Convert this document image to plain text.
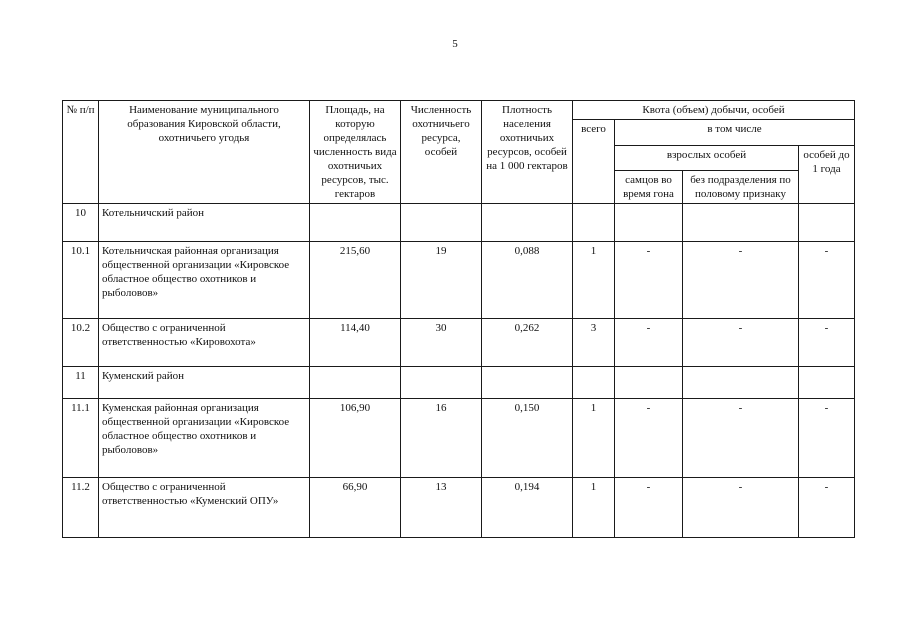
5
№ п/п	Наименование муниципального образования Кировской области, охотничьего угодья	Площадь, на которую определялась численность вида охотничьих ресурсов, тыс. гектаров	Численность охотничьего ресурса, особей	Плотность населения охотничьих ресурсов, особей на 1 000 гектаров	Квота (объем) добычи, особей			
					всего	в том числе		
						взрослых особей		особей до 1 года
						самцов во время гона	без подразделения по половому признаку	
10	Котельничский район							
10.1	Котельничская районная организация общественной организации «Кировское областное общество охотников и рыболовов»	215,60	19	0,088	1	-	-	-
10.2	Общество с ограниченной ответственностью «Кировохота»	114,40	30	0,262	3	-	-	-
11	Куменский район							
11.1	Куменская районная организация общественной организации «Кировское областное общество охотников и рыболовов»	106,90	16	0,150	1	-	-	-
11.2	Общество с ограниченной ответственностью «Куменский ОПУ»	66,90	13	0,194	1	-	-	-
